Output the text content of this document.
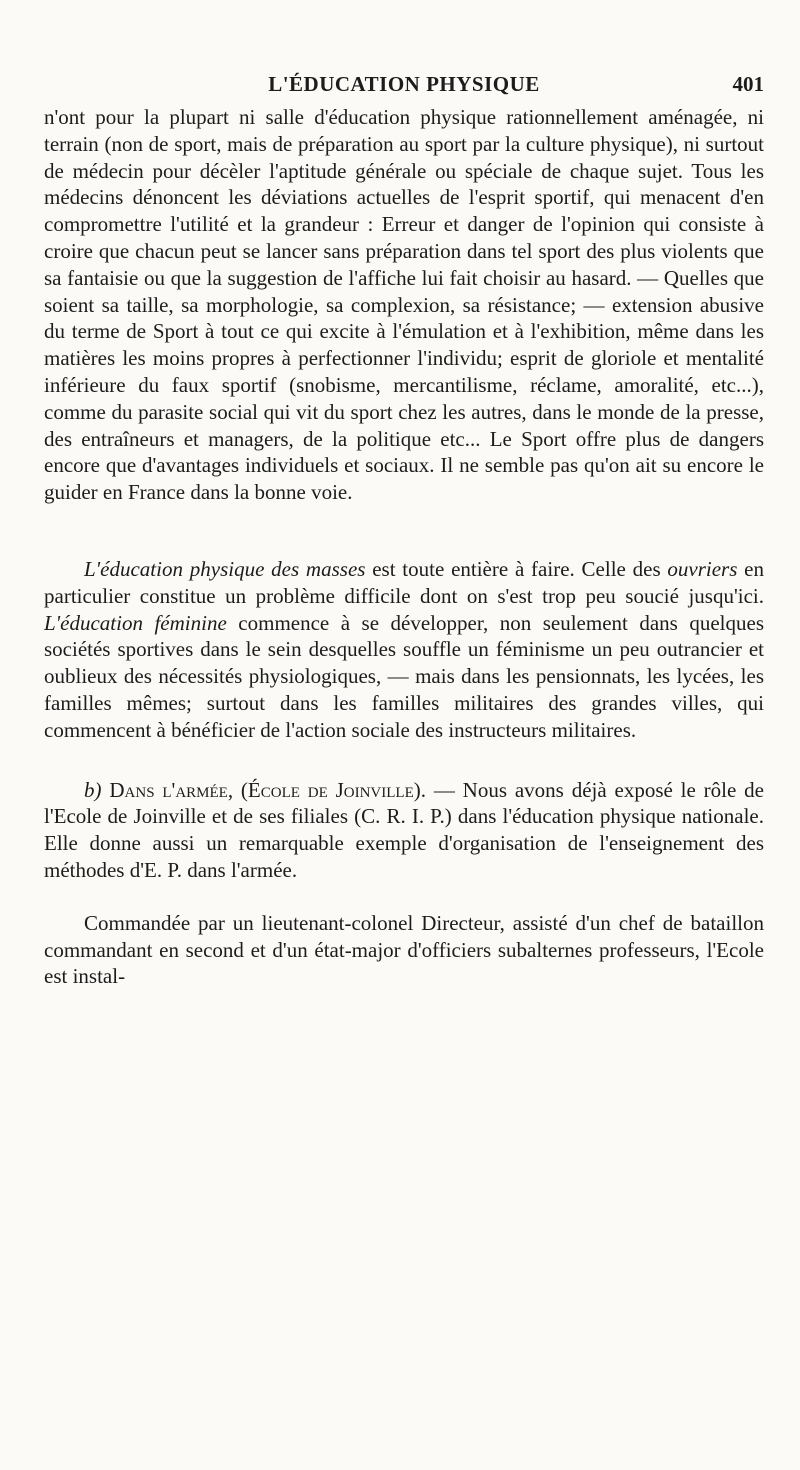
L'ÉDUCATION PHYSIQUE	401

n'ont pour la plupart ni salle d'éducation physique rationnellement aménagée, ni terrain (non de sport, mais de préparation au sport par la culture physique), ni surtout de médecin pour décèler l'aptitude générale ou spéciale de chaque sujet. Tous les médecins dénoncent les déviations actuelles de l'esprit sportif, qui menacent d'en compromettre l'utilité et la grandeur : Erreur et danger de l'opinion qui consiste à croire que chacun peut se lancer sans préparation dans tel sport des plus violents que sa fantaisie ou que la suggestion de l'affiche lui fait choisir au hasard. — Quelles que soient sa taille, sa morphologie, sa complexion, sa résistance; — extension abusive du terme de Sport à tout ce qui excite à l'émulation et à l'exhibition, même dans les matières les moins propres à perfectionner l'individu; esprit de gloriole et mentalité inférieure du faux sportif (snobisme, mercantilisme, réclame, amoralité, etc...), comme du parasite social qui vit du sport chez les autres, dans le monde de la presse, des entraîneurs et managers, de la politique etc... Le Sport offre plus de dangers encore que d'avantages individuels et sociaux. Il ne semble pas qu'on ait su encore le guider en France dans la bonne voie.

L'éducation physique des masses est toute entière à faire. Celle des ouvriers en particulier constitue un problème difficile dont on s'est trop peu soucié jusqu'ici. L'éducation féminine commence à se développer, non seulement dans quelques sociétés sportives dans le sein desquelles souffle un féminisme un peu outrancier et oublieux des nécessités physiologiques, — mais dans les pensionnats, les lycées, les familles mêmes; surtout dans les familles militaires des grandes villes, qui commencent à bénéficier de l'action sociale des instructeurs militaires.

b) Dans l'armée, (École de Joinville). — Nous avons déjà exposé le rôle de l'Ecole de Joinville et de ses filiales (C. R. I. P.) dans l'éducation physique nationale. Elle donne aussi un remarquable exemple d'organisation de l'enseignement des méthodes d'E. P. dans l'armée.

Commandée par un lieutenant-colonel Directeur, assisté d'un chef de bataillon commandant en second et d'un état-major d'officiers subalternes professeurs, l'Ecole est instal-
